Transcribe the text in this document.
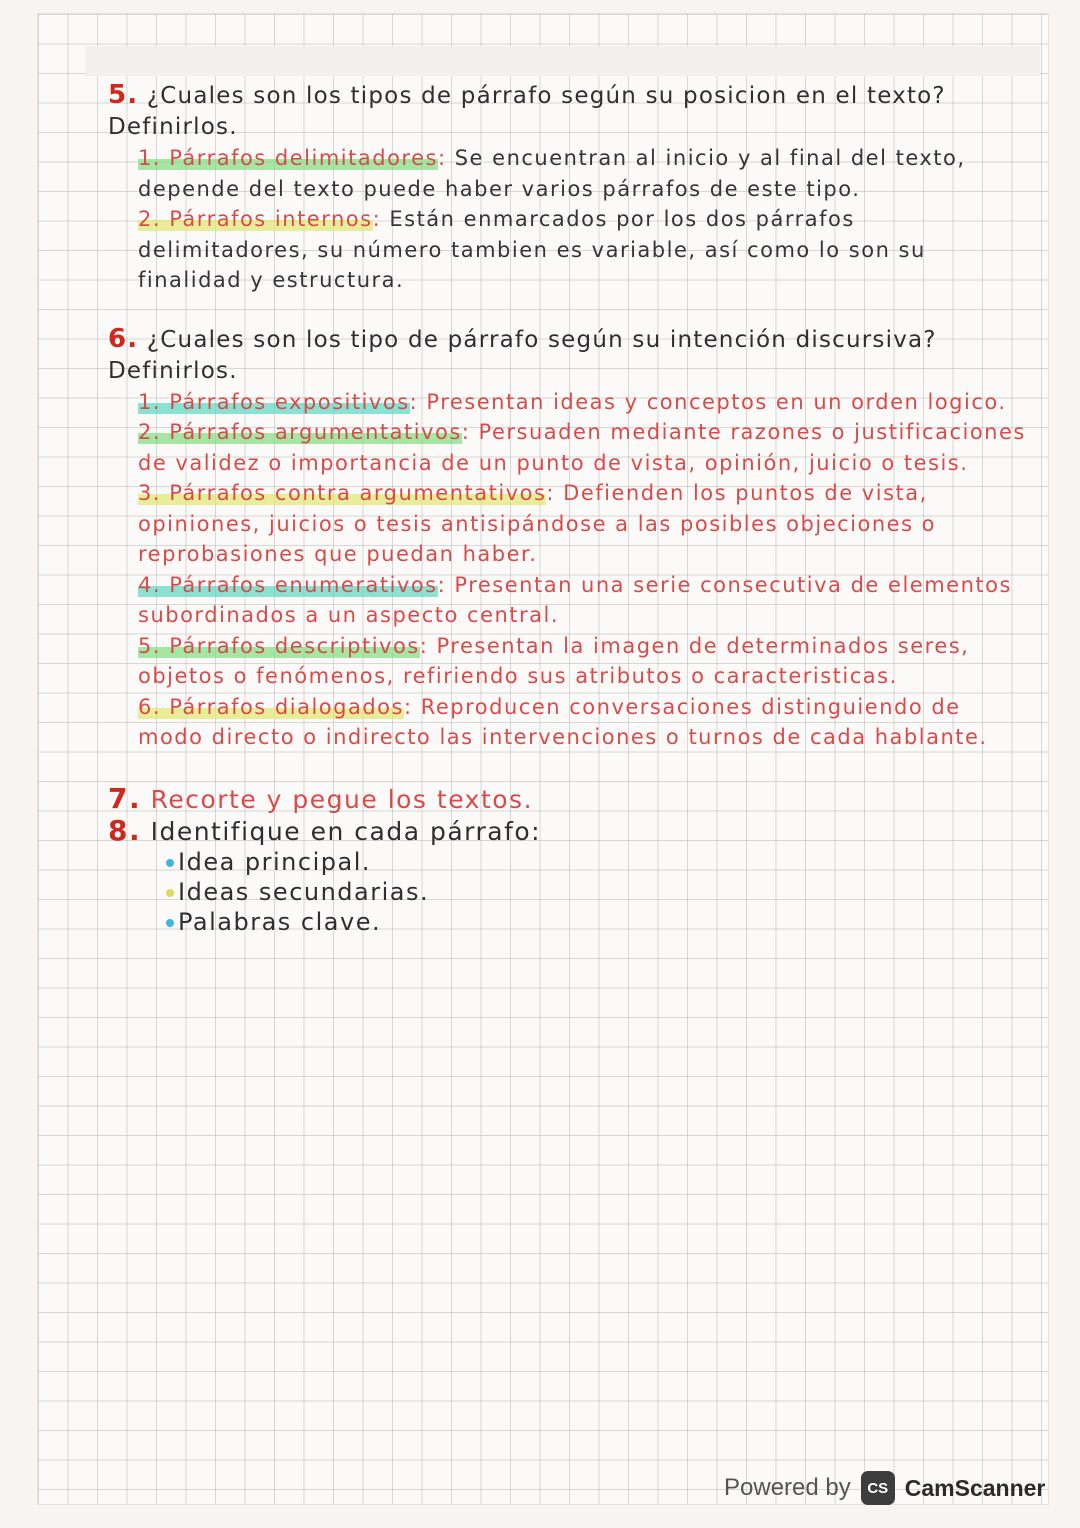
5. ¿Cuales son los tipos de párrafo según su posicion en el texto? Definirlos.

1. Párrafos delimitadores: Se encuentran al inicio y al final del texto, depende del texto puede haber varios párrafos de este tipo.

2. Párrafos internos: Están enmarcados por los dos párrafos delimitadores, su número tambien es variable, así como lo son su finalidad y estructura.

6. ¿Cuales son los tipo de párrafo según su intención discursiva? Definirlos.

1. Párrafos expositivos: Presentan ideas y conceptos en un orden logico.

2. Párrafos argumentativos: Persuaden mediante razones o justificaciones de validez o importancia de un punto de vista, opinión, juicio o tesis.

3. Párrafos contra argumentativos: Defienden los puntos de vista, opiniones, juicios o tesis antisipándose a las posibles objeciones o reprobasiones que puedan haber.

4. Párrafos enumerativos: Presentan una serie consecutiva de elementos subordinados a un aspecto central.

5. Párrafos descriptivos: Presentan la imagen de determinados seres, objetos o fenómenos, refiriendo sus atributos o caracteristicas.

6. Párrafos dialogados: Reproducen conversaciones distinguiendo de modo directo o indirecto las intervenciones o turnos de cada hablante.

7. Recorte y pegue los textos.

8. Identifique en cada párrafo:

Idea principal.

Ideas secundarias.

Palabras clave.

Powered by	CS CamScanner
